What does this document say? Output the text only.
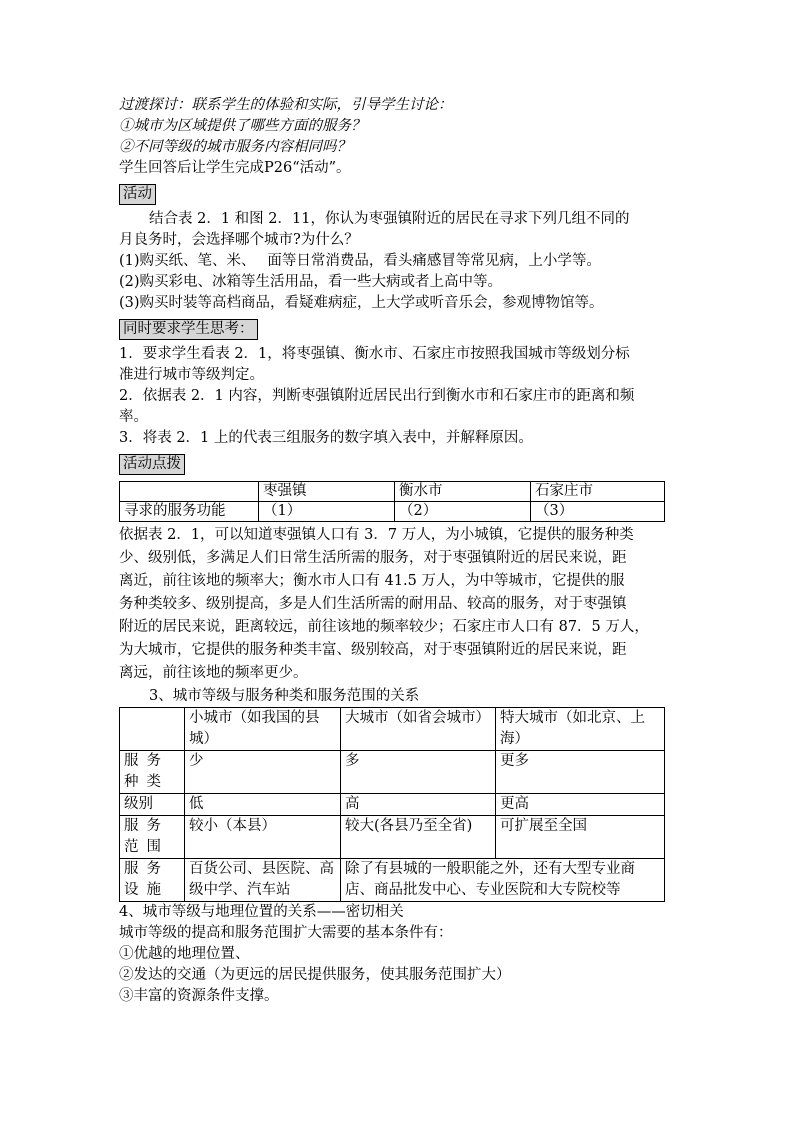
过渡探讨：联系学生的体验和实际，引导学生讨论：
①城市为区域提供了哪些方面的服务？
②不同等级的城市服务内容相同吗？
学生回答后让学生完成P26“活动”。
活动
结合表 2．1 和图 2．11，你认为枣强镇附近的居民在寻求下列几组不同的
月良务时，会选择哪个城市?为什么？
(1)购买纸、笔、米、　 面等日常消费品，看头痛感冒等常见病，上小学等。
(2)购买彩电、冰箱等生活用品，看一些大病或者上高中等。
(3)购买时装等高档商品，看疑难病症，上大学或听音乐会，参观博物馆等。
同时要求学生思考：
1．要求学生看表 2．1，将枣强镇、衡水市、石家庄市按照我国城市等级划分标
准进行城市等级判定。
2．依据表 2．1 内容，判断枣强镇附近居民出行到衡水市和石家庄市的距离和频
率。
3．将表 2．1 上的代表三组服务的数字填入表中，并解释原因。
活动点拨
	枣强镇	衡水市	石家庄市
寻求的服务功能	（1）	（2）	（3）
依据表 2．1，可以知道枣强镇人口有 3．7 万人，为小城镇，它提供的服务种类
少、级别低，多满足人们日常生活所需的服务，对于枣强镇附近的居民来说，距
离近，前往该地的频率大；衡水市人口有 41.5 万人，为中等城市，它提供的服
务种类较多、级别提高，多是人们生活所需的耐用品、较高的服务，对于枣强镇
附近的居民来说，距离较远，前往该地的频率较少；石家庄市人口有 87．5 万人，
为大城市，它提供的服务种类丰富、级别较高，对于枣强镇附近的居民来说，距
离远，前往该地的频率更少。
3、城市等级与服务种类和服务范围的关系
	小城市（如我国的县城）	大城市（如省会城市）	特大城市（如北京、上海）
服务种类	少	多	更多
级别	低	高	更高
服务范围	较小（本县）	较大(各县乃至全省)	可扩展至全国
服务设施	百货公司、县医院、高级中学、汽车站	除了有县城的一般职能之外，还有大型专业商店、商品批发中心、专业医院和大专院校等	
4、城市等级与地理位置的关系——密切相关
城市等级的提高和服务范围扩大需要的基本条件有：
①优越的地理位置、
②发达的交通（为更远的居民提供服务，使其服务范围扩大）
③丰富的资源条件支撑。
